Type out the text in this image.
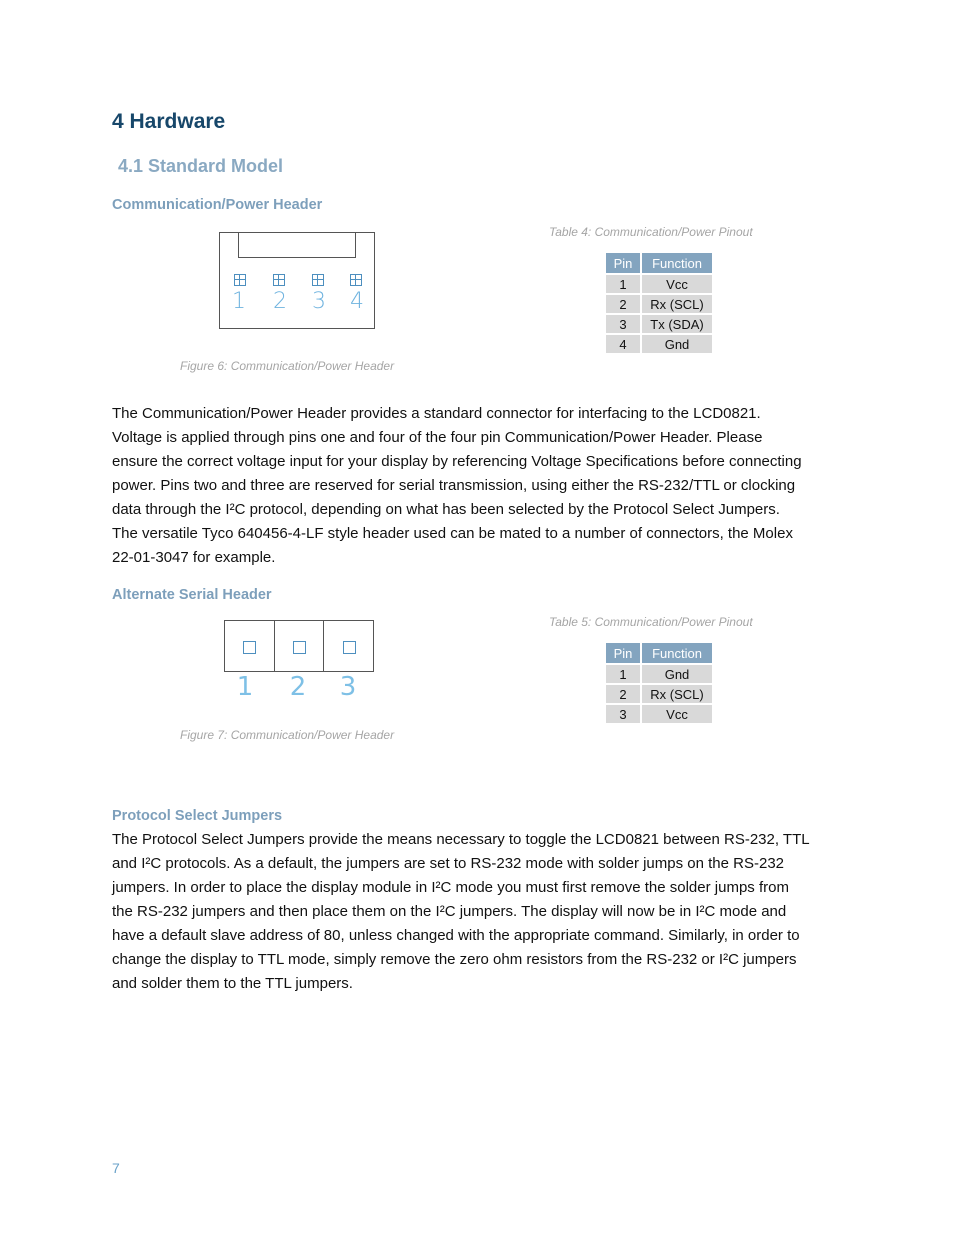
4 Hardware
4.1 Standard Model
Communication/Power Header
1 2 3 4
Figure 6: Communication/Power Header
Table 4: Communication/Power Pinout
Pin	Function
1	Vcc
2	Rx (SCL)
3	Tx (SDA)
4	Gnd

The Communication/Power Header provides a standard connector for interfacing to the LCD0821.

Voltage is applied through pins one and four of the four pin Communication/Power Header. Please

ensure the correct voltage input for your display by referencing Voltage Specifications before connecting

power. Pins two and three are reserved for serial transmission, using either the RS-232/TTL or clocking

data through the I²C protocol, depending on what has been selected by the Protocol Select Jumpers.

The versatile Tyco 640456-4-LF style header used can be mated to a number of connectors, the Molex

22-01-3047 for example.

Alternate Serial Header
1 2 3
Figure 7: Communication/Power Header
Table 5: Communication/Power Pinout
Pin	Function
1	Gnd
2	Rx (SCL)
3	Vcc
Protocol Select Jumpers

The Protocol Select Jumpers provide the means necessary to toggle the LCD0821 between RS-232, TTL

and I²C protocols. As a default, the jumpers are set to RS-232 mode with solder jumps on the RS-232

jumpers. In order to place the display module in I²C mode you must first remove the solder jumps from

the RS-232 jumpers and then place them on the I²C jumpers. The display will now be in I²C mode and

have a default slave address of 80, unless changed with the appropriate command. Similarly, in order to

change the display to TTL mode, simply remove the zero ohm resistors from the RS-232 or I²C jumpers

and solder them to the TTL jumpers.

7
